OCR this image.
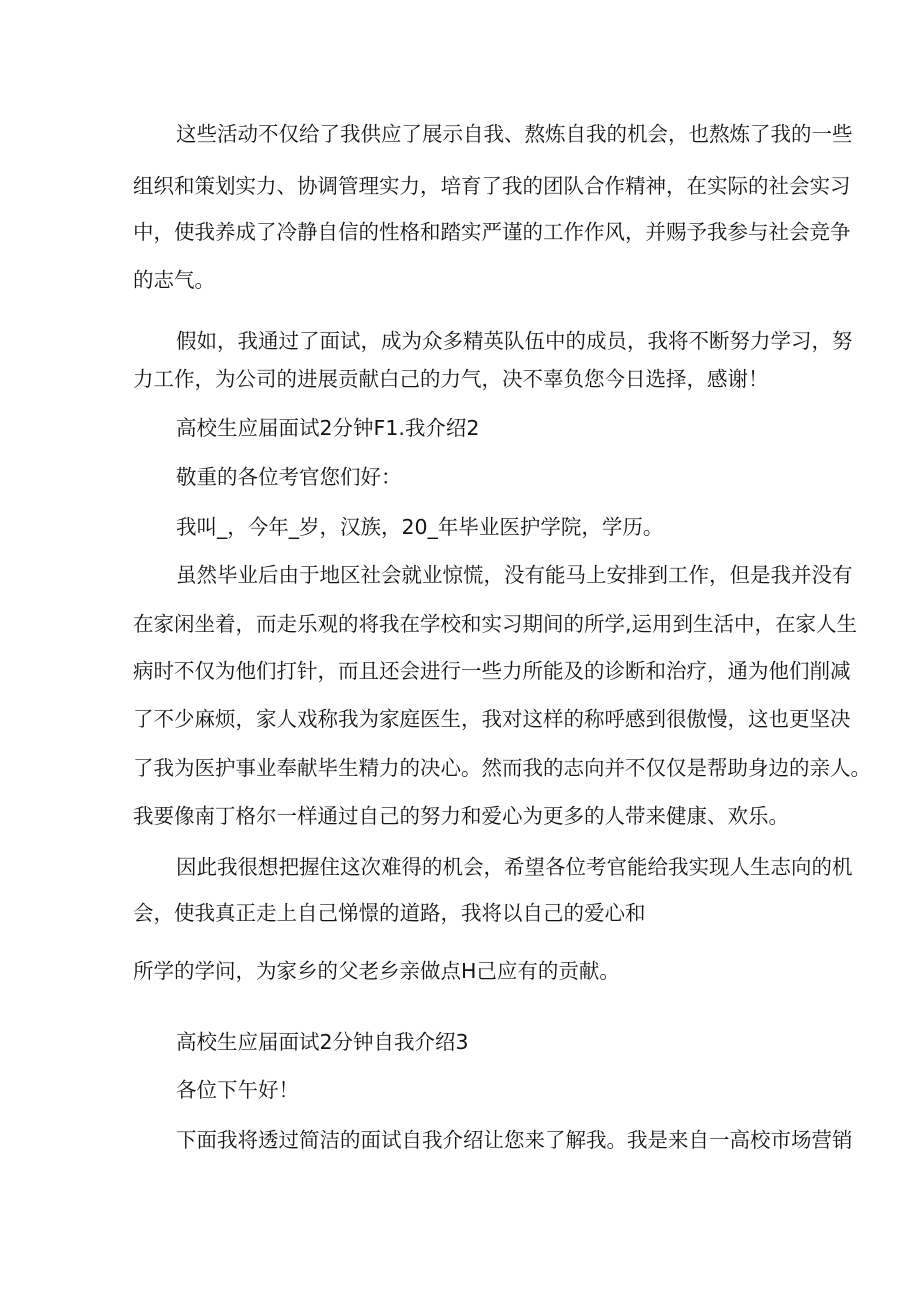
这些活动不仅给了我供应了展示自我、熬炼自我的机会，也熬炼了我的一些

组织和策划实力、协调管理实力，培育了我的团队合作精神，在实际的社会实习

中，使我养成了冷静自信的性格和踏实严谨的工作作风，并赐予我参与社会竞争

的志气。

假如，我通过了面试，成为众多精英队伍中的成员，我将不断努力学习，努

力工作，为公司的进展贡献白己的力气，决不辜负您今日选择，感谢！

高校生应届面试2分钟F1.我介绍2

敬重的各位考官您们好：

我叫_，今年_岁，汉族，20_年毕业医护学院，学历。

虽然毕业后由于地区社会就业惊慌，没有能马上安排到工作，但是我并没有

在家闲坐着，而走乐观的将我在学校和实习期间的所学,运用到生活中，在家人生

病时不仅为他们打针，而且还会进行一些力所能及的诊断和治疗，通为他们削减

了不少麻烦，家人戏称我为家庭医生，我对这样的称呼感到很傲慢，这也更坚决

了我为医护事业奉献毕生精力的决心。然而我的志向并不仅仅是帮助身边的亲人。

我要像南丁格尔一样通过自己的努力和爱心为更多的人带来健康、欢乐。

因此我很想把握住这次难得的机会，希望各位考官能给我实现人生志向的机

会，使我真正走上自己悌憬的道路，我将以自己的爱心和

所学的学问，为家乡的父老乡亲做点H己应有的贡献。

高校生应届面试2分钟自我介绍3

各位下午好！

下面我将透过简洁的面试自我介绍让您来了解我。我是来自一高校市场营销
